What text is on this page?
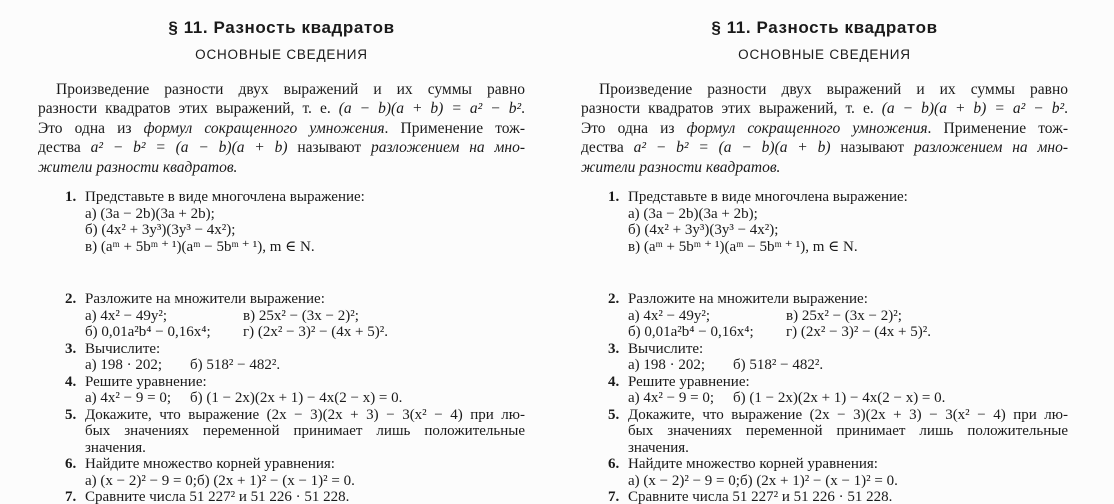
§ 11. Разность квадратов
ОСНОВНЫЕ СВЕДЕНИЯ
Произведение разности двух выражений и их суммы равно
разности квадратов этих выражений, т. е. (a − b)(a + b) = a² − b².
Это одна из формул сокращенного умножения. Применение тож-
дества a² − b² = (a − b)(a + b) называют разложением на мно-
жители разности квадратов.
1. Представьте в виде многочлена выражение:
а) (3a − 2b)(3a + 2b);
б) (4x² + 3y³)(3y³ − 4x²);
в) (aᵐ + 5bᵐ ⁺ ¹)(aᵐ − 5bᵐ ⁺ ¹), m ∈ N.
2. Разложите на множители выражение:
а) 4x² − 49y²;	в) 25x² − (3x − 2)²;
б) 0,01a²b⁴ − 0,16x⁴;	г) (2x² − 3)² − (4x + 5)².
3. Вычислите:
а) 198 · 202;	б) 518² − 482².
4. Решите уравнение:
а) 4x² − 9 = 0;	б) (1 − 2x)(2x + 1) − 4x(2 − x) = 0.
5. Докажите, что выражение (2x − 3)(2x + 3) − 3(x² − 4) при лю-
бых значениях переменной принимает лишь положительные
значения.
6. Найдите множество корней уравнения:
а) (x − 2)² − 9 = 0; б) (2x + 1)² − (x − 1)² = 0.
7. Сравните числа 51 227² и 51 226 · 51 228.
§ 11. Разность квадратов
ОСНОВНЫЕ СВЕДЕНИЯ
Произведение разности двух выражений и их суммы равно
разности квадратов этих выражений, т. е. (a − b)(a + b) = a² − b².
Это одна из формул сокращенного умножения. Применение тож-
дества a² − b² = (a − b)(a + b) называют разложением на мно-
жители разности квадратов.
1. Представьте в виде многочлена выражение:
а) (3a − 2b)(3a + 2b);
б) (4x² + 3y³)(3y³ − 4x²);
в) (aᵐ + 5bᵐ ⁺ ¹)(aᵐ − 5bᵐ ⁺ ¹), m ∈ N.
2. Разложите на множители выражение:
а) 4x² − 49y²;	в) 25x² − (3x − 2)²;
б) 0,01a²b⁴ − 0,16x⁴;	г) (2x² − 3)² − (4x + 5)².
3. Вычислите:
а) 198 · 202;	б) 518² − 482².
4. Решите уравнение:
а) 4x² − 9 = 0;	б) (1 − 2x)(2x + 1) − 4x(2 − x) = 0.
5. Докажите, что выражение (2x − 3)(2x + 3) − 3(x² − 4) при лю-
бых значениях переменной принимает лишь положительные
значения.
6. Найдите множество корней уравнения:
а) (x − 2)² − 9 = 0; б) (2x + 1)² − (x − 1)² = 0.
7. Сравните числа 51 227² и 51 226 · 51 228.
